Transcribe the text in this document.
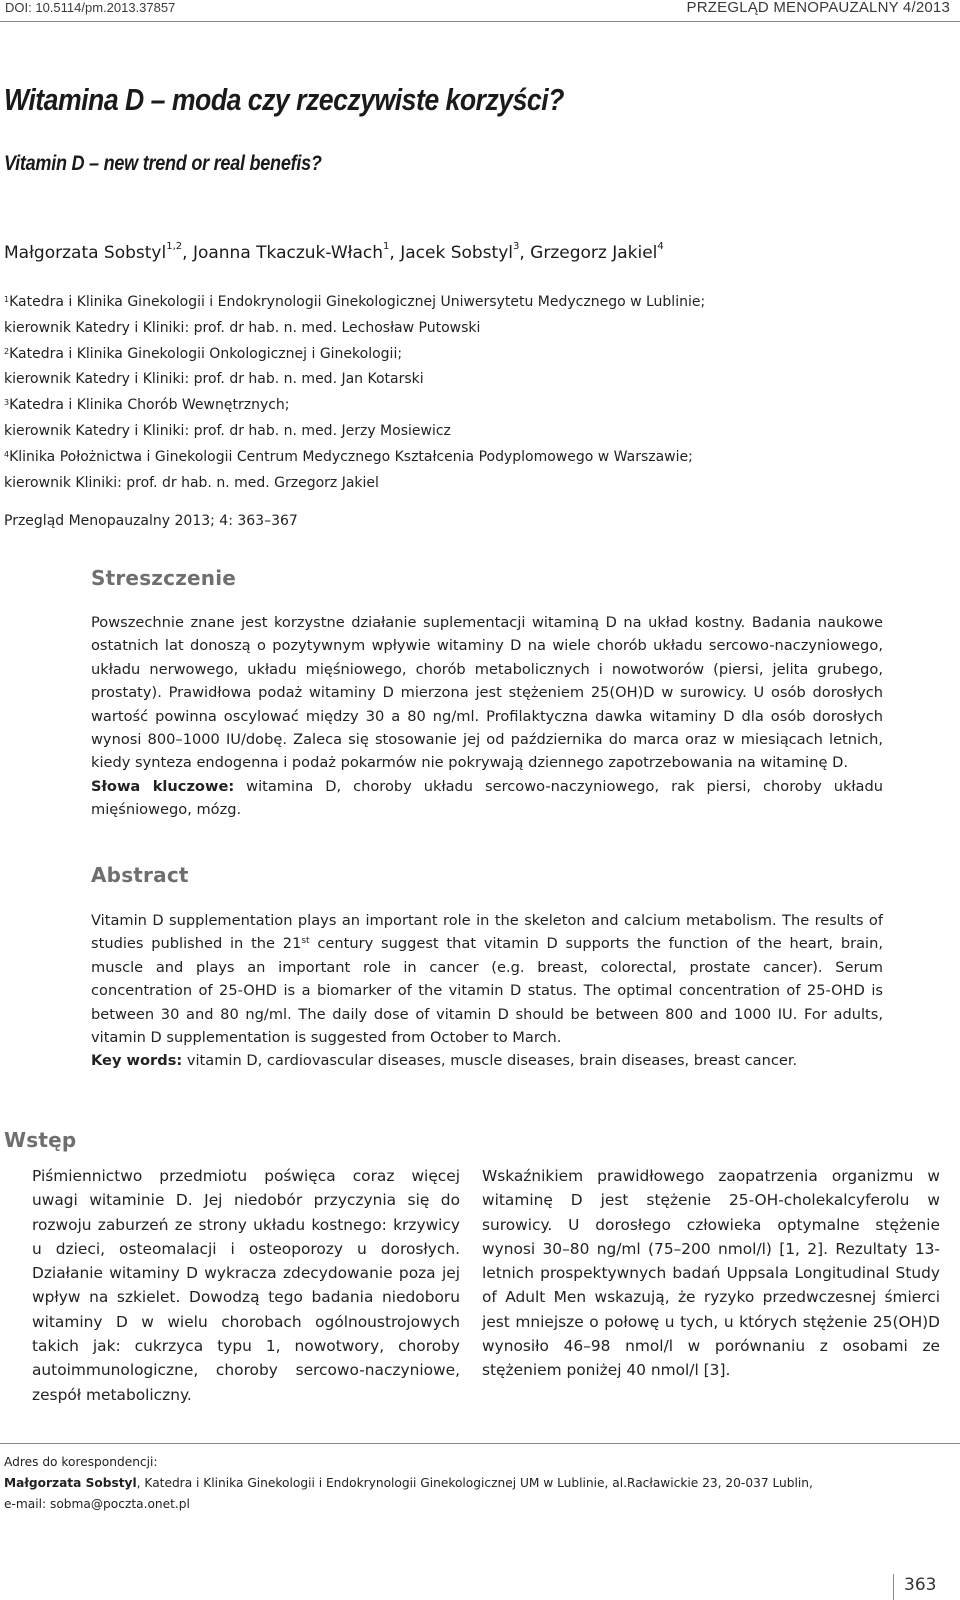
DOI: 10.5114/pm.2013.37857	PRZEGLĄD MENOPAUZALNY 4/2013
Witamina D – moda czy rzeczywiste korzyści?
Vitamin D – new trend or real benefis?
Małgorzata Sobstyl$^{1,2}$, Joanna Tkaczuk-Włach$^1$, Jacek Sobstyl$^3$, Grzegorz Jakiel$^4$
$^1$Katedra i Klinika Ginekologii i Endokrynologii Ginekologicznej Uniwersytetu Medycznego w Lublinie;
kierownik Katedry i Kliniki: prof. dr hab. n. med. Lechosław Putowski
$^2$Katedra i Klinika Ginekologii Onkologicznej i Ginekologii;
kierownik Katedry i Kliniki: prof. dr hab. n. med. Jan Kotarski
$^3$Katedra i Klinika Chorób Wewnętrznych;
kierownik Katedry i Kliniki: prof. dr hab. n. med. Jerzy Mosiewicz
$^4$Klinika Położnictwa i Ginekologii Centrum Medycznego Kształcenia Podyplomowego w Warszawie;
kierownik Kliniki: prof. dr hab. n. med. Grzegorz Jakiel
Przegląd Menopauzalny 2013; 4: 363–367
Streszczenie
Powszechnie znane jest korzystne działanie suplementacji witaminą D na układ kostny. Badania naukowe ostatnich lat donoszą o pozytywnym wpływie witaminy D na wiele chorób układu sercowo-naczyniowego, układu nerwowego, układu mięśniowego, chorób metabolicznych i nowotworów (piersi, jelita grubego, prostaty). Prawidłowa podaż witaminy D mierzona jest stężeniem 25(OH)D w surowicy. U osób dorosłych wartość powinna oscylować między 30 a 80 ng/ml. Profilaktyczna dawka witaminy D dla osób dorosłych wynosi 800–1000 IU/dobę. Zaleca się stosowanie jej od października do marca oraz w miesiącach letnich, kiedy synteza endogenna i podaż pokarmów nie pokrywają dziennego zapotrzebowania na witaminę D.
Słowa kluczowe: witamina D, choroby układu sercowo-naczyniowego, rak piersi, choroby układu mięśniowego, mózg.
Abstract
Vitamin D supplementation plays an important role in the skeleton and calcium metabolism. The results of studies published in the 21st century suggest that vitamin D supports the function of the heart, brain, muscle and plays an important role in cancer (e.g. breast, colorectal, prostate cancer). Serum concentration of 25-OHD is a biomarker of the vitamin D status. The optimal concentration of 25-OHD is between 30 and 80 ng/ml. The daily dose of vitamin D should be between 800 and 1000 IU. For adults, vitamin D supplementation is suggested from October to March.
Key words: vitamin D, cardiovascular diseases, muscle diseases, brain diseases, breast cancer.
Wstęp
Piśmiennictwo przedmiotu poświęca coraz więcej uwagi witaminie D. Jej niedobór przyczynia się do rozwoju zaburzeń ze strony układu kostnego: krzywicy u dzieci, osteomalacji i osteoporozy u dorosłych. Działanie witaminy D wykracza zdecydowanie poza jej wpływ na szkielet. Dowodzą tego badania niedoboru witaminy D w wielu chorobach ogólnoustrojowych takich jak: cukrzyca typu 1, nowotwory, choroby autoimmunologiczne, choroby sercowo-naczyniowe, zespół metaboliczny.
Wskaźnikiem prawidłowego zaopatrzenia organizmu w witaminę D jest stężenie 25-OH-cholekalcyferolu w surowicy. U dorosłego człowieka optymalne stężenie wynosi 30–80 ng/ml (75–200 nmol/l) [1, 2]. Rezultaty 13-letnich prospektywnych badań Uppsala Longitudinal Study of Adult Men wskazują, że ryzyko przedwczesnej śmierci jest mniejsze o połowę u tych, u których stężenie 25(OH)D wynosiło 46–98 nmol/l w porównaniu z osobami ze stężeniem poniżej 40 nmol/l [3].
Adres do korespondencji:
Małgorzata Sobstyl, Katedra i Klinika Ginekologii i Endokrynologii Ginekologicznej UM w Lublinie, al.Racławickie 23, 20-037 Lublin,
e-mail: sobma@poczta.onet.pl
363
